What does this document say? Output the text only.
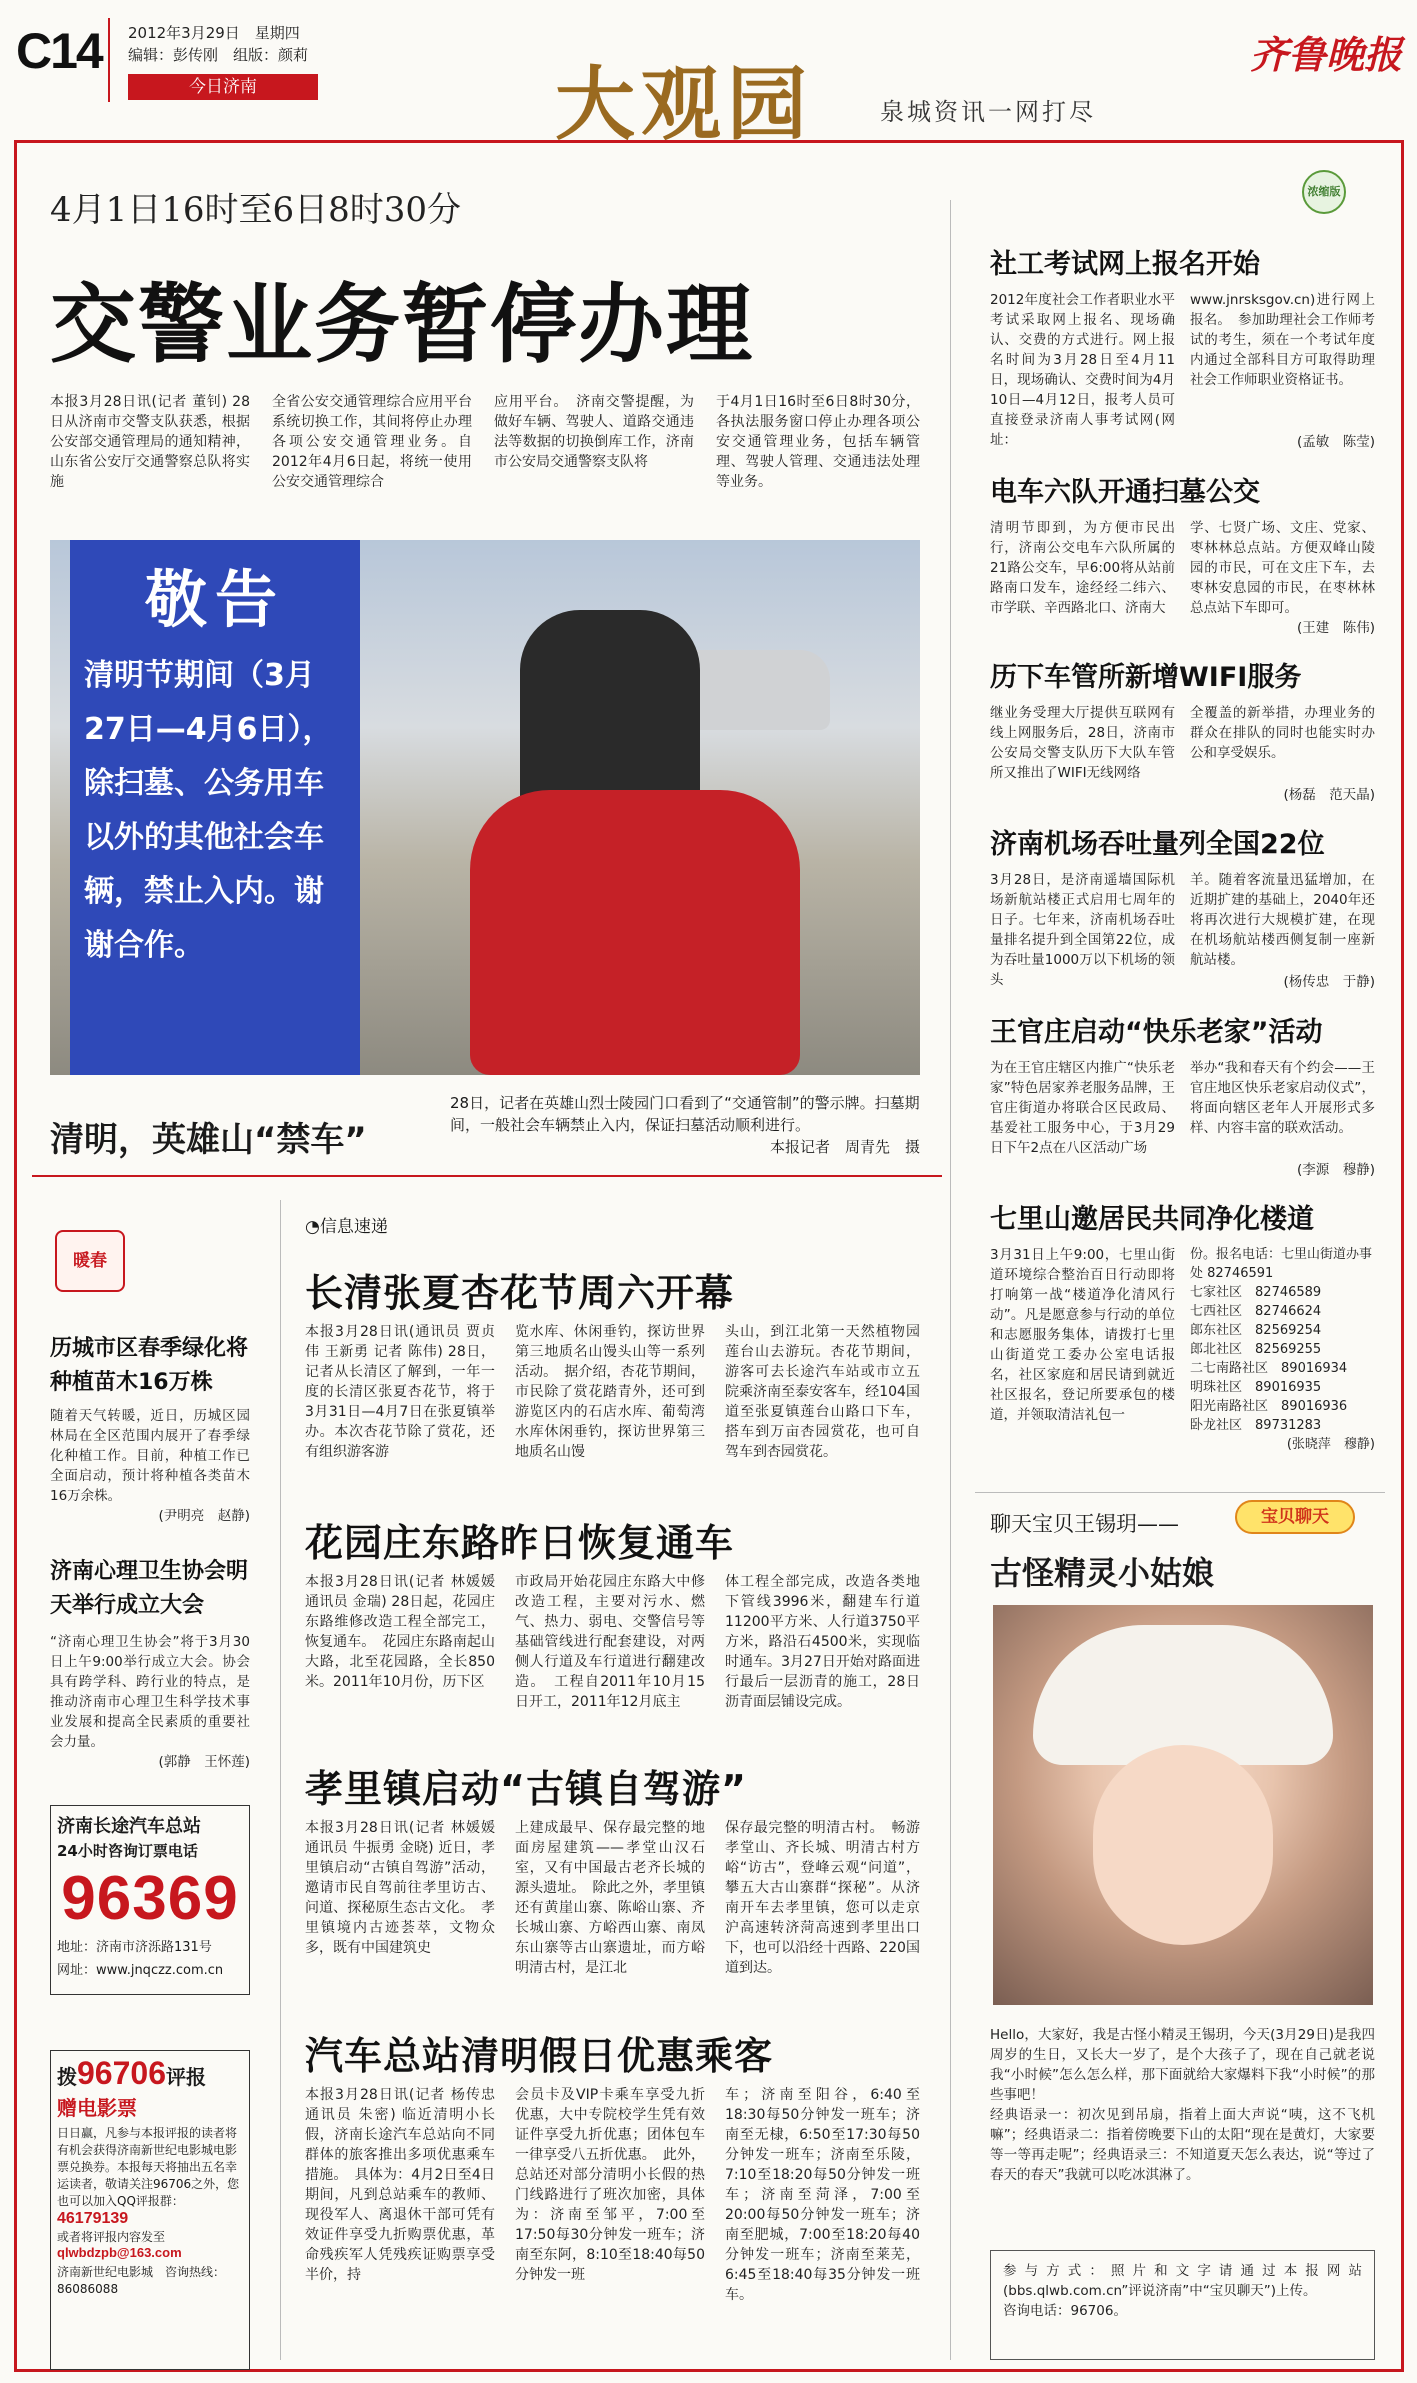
C14 2012年3月29日　星期四
编辑：彭传刚　组版：颜莉
今日济南	大观园	泉城资讯一网打尽
齐鲁晚报
4月1日16时至6日8时30分
交警业务暂停办理
本报3月28日讯(记者 董钊) 28日从济南市交警支队获悉，根据公安部交通管理局的通知精神，山东省公安厅交通警察总队将实施
全省公安交通管理综合应用平台系统切换工作，其间将停止办理各项公安交通管理业务。自2012年4月6日起，将统一使用公安交通管理综合
应用平台。　济南交警提醒，为做好车辆、驾驶人、道路交通违法等数据的切换倒库工作，济南市公安局交通警察支队将
于4月1日16时至6日8时30分，各执法服务窗口停止办理各项公安交通管理业务，包括车辆管理、驾驶人管理、交通违法处理等业务。
敬告
清明节期间（3月27日—4月6日），除扫墓、公务用车以外的其他社会车辆，禁止入内。谢谢合作。
清明，英雄山“禁车”
28日，记者在英雄山烈士陵园门口看到了“交通管制”的警示牌。扫墓期间，一般社会车辆禁止入内，保证扫墓活动顺利进行。
本报记者　周青先　摄
暖春
历城市区春季绿化将种植苗木16万株
随着天气转暖，近日，历城区园林局在全区范围内展开了春季绿化种植工作。目前，种植工作已全面启动，预计将种植各类苗木16万余株。
(尹明亮　赵静)
济南心理卫生协会明天举行成立大会
“济南心理卫生协会”将于3月30日上午9:00举行成立大会。协会具有跨学科、跨行业的特点，是推动济南市心理卫生科学技术事业发展和提高全民素质的重要社会力量。
(郭静　王怀莲)
济南长途汽车总站
24小时咨询订票电话
96369
地址：济南市济泺路131号
网址：www.jnqczz.com.cn
拨96706评报
赠电影票
日日赢，凡参与本报评报的读者将有机会获得济南新世纪电影城电影票兑换券。本报每天将抽出五名幸运读者，敬请关注96706之外，您也可以加入QQ评报群：
46179139
或者将评报内容发至
qlwbdzpb@163.com
济南新世纪电影城　咨询热线：86086088
◔信息速递
长清张夏杏花节周六开幕
本报3月28日讯(通讯员 贾贞伟 王新勇 记者 陈伟) 28日，记者从长清区了解到，一年一度的长清区张夏杏花节，将于3月31日—4月7日在张夏镇举办。本次杏花节除了赏花，还有组织游客游
览水库、休闲垂钓，探访世界第三地质名山馒头山等一系列活动。　据介绍，杏花节期间，市民除了赏花踏青外，还可到游览区内的石店水库、葡萄湾水库休闲垂钓，探访世界第三地质名山馒
头山，到江北第一天然植物园莲台山去游玩。杏花节期间，游客可去长途汽车站或市立五院乘济南至泰安客车，经104国道至张夏镇莲台山路口下车，搭车到万亩杏园赏花，也可自驾车到杏园赏花。
花园庄东路昨日恢复通车
本报3月28日讯(记者 林媛媛 通讯员 金瑞) 28日起，花园庄东路维修改造工程全部完工，恢复通车。　花园庄东路南起山大路，北至花园路，全长850米。2011年10月份，历下区
市政局开始花园庄东路大中修改造工程，主要对污水、燃气、热力、弱电、交警信号等基础管线进行配套建设，对两侧人行道及车行道进行翻建改造。　工程自2011年10月15日开工，2011年12月底主
体工程全部完成，改造各类地下管线3996米，翻建车行道11200平方米、人行道3750平方米，路沿石4500米，实现临时通车。3月27日开始对路面进行最后一层沥青的施工，28日沥青面层铺设完成。
孝里镇启动“古镇自驾游”
本报3月28日讯(记者 林媛媛 通讯员 牛振勇 金晓) 近日，孝里镇启动“古镇自驾游”活动，邀请市民自驾前往孝里访古、问道、探秘原生态古文化。　孝里镇境内古迹荟萃，文物众多，既有中国建筑史
上建成最早、保存最完整的地面房屋建筑——孝堂山汉石室，又有中国最古老齐长城的源头遗址。　除此之外，孝里镇还有黄崖山寨、陈峪山寨、齐长城山寨、方峪西山寨、南凤东山寨等古山寨遗址，而方峪明清古村，是江北
保存最完整的明清古村。　畅游孝堂山、齐长城、明清古村方峪“访古”，登峰云观“问道”，攀五大古山寨群“探秘”。从济南开车去孝里镇，您可以走京沪高速转济菏高速到孝里出口下，也可以沿经十西路、220国道到达。
汽车总站清明假日优惠乘客
本报3月28日讯(记者 杨传忠 通讯员 朱密) 临近清明小长假，济南长途汽车总站向不同群体的旅客推出多项优惠乘车措施。　具体为：4月2日至4日期间，凡到总站乘车的教师、现役军人、离退休干部可凭有效证件享受九折购票优惠，革命残疾军人凭残疾证购票享受半价，持
会员卡及VIP卡乘车享受九折优惠，大中专院校学生凭有效证件享受九折优惠；团体包车一律享受八五折优惠。　此外，总站还对部分清明小长假的热门线路进行了班次加密，具体为：济南至邹平，7:00至17:50每30分钟发一班车；济南至东阿，8:10至18:40每50分钟发一班
车；济南至阳谷，6:40至18:30每50分钟发一班车；济南至无棣，6:50至17:30每50分钟发一班车；济南至乐陵，7:10至18:20每50分钟发一班车；济南至菏泽，7:00至20:00每50分钟发一班车；济南至肥城，7:00至18:20每40分钟发一班车；济南至莱芜，6:45至18:40每35分钟发一班车。
浓缩版
社工考试网上报名开始
2012年度社会工作者职业水平考试采取网上报名、现场确认、交费的方式进行。网上报名时间为3月28日至4月11日，现场确认、交费时间为4月10日—4月12日，报考人员可直接登录济南人事考试网(网址：
www.jnrsksgov.cn)进行网上报名。　参加助理社会工作师考试的考生，须在一个考试年度内通过全部科目方可取得助理社会工作师职业资格证书。
(孟敏　陈莹)
电车六队开通扫墓公交
清明节即到，为方便市民出行，济南公交电车六队所属的21路公交车，早6:00将从站前路南口发车，途经经二纬六、市学联、辛西路北口、济南大
学、七贤广场、文庄、党家、枣林林总点站。方便双峰山陵园的市民，可在文庄下车，去枣林安息园的市民，在枣林林总点站下车即可。
(王建　陈伟)
历下车管所新增WIFI服务
继业务受理大厅提供互联网有线上网服务后，28日，济南市公安局交警支队历下大队车管所又推出了WIFI无线网络
全覆盖的新举措，办理业务的群众在排队的同时也能实时办公和享受娱乐。
(杨磊　范天晶)
济南机场吞吐量列全国22位
3月28日，是济南遥墙国际机场新航站楼正式启用七周年的日子。七年来，济南机场吞吐量排名提升到全国第22位，成为吞吐量1000万以下机场的领头
羊。随着客流量迅猛增加，在近期扩建的基础上，2040年还将再次进行大规模扩建，在现在机场航站楼西侧复制一座新航站楼。
(杨传忠　于静)
王官庄启动“快乐老家”活动
为在王官庄辖区内推广“快乐老家”特色居家养老服务品牌，王官庄街道办将联合区民政局、基爱社工服务中心，于3月29日下午2点在八区活动广场
举办“我和春天有个约会——王官庄地区快乐老家启动仪式”，将面向辖区老年人开展形式多样、内容丰富的联欢活动。
(李源　穆静)
七里山邀居民共同净化楼道
3月31日上午9:00，七里山街道环境综合整治百日行动即将打响第一战“楼道净化清风行动”。凡是愿意参与行动的单位和志愿服务集体，请拨打七里山街道党工委办公室电话报名，社区家庭和居民请到就近社区报名，登记所要承包的楼道，并领取清洁礼包一
份。报名电话：七里山街道办事处 82746591
七家社区　 82746589
七西社区　 82746624
郎东社区　 82569254
郎北社区　 82569255
二七南路社区　 89016934
明珠社区　 89016935
阳光南路社区　 89016936
卧龙社区　 89731283
(张晓萍　穆静)
聊天宝贝王锡玥——	宝贝聊天
古怪精灵小姑娘
Hello，大家好，我是古怪小精灵王锡玥，今天(3月29日)是我四周岁的生日，又长大一岁了，是个大孩子了，现在自己就老说我“小时候”怎么怎么样，那下面就给大家爆料下我“小时候”的那些事吧！
经典语录一：初次见到吊扇，指着上面大声说“咦，这不飞机嘛”；经典语录二：指着傍晚要下山的太阳“现在是黄灯，大家要等一等再走呢”；经典语录三：不知道夏天怎么表达，说“等过了春天的春天”我就可以吃冰淇淋了。
参与方式：照片和文字请通过本报网站(bbs.qlwb.com.cn”评说济南”中“宝贝聊天”)上传。
咨询电话：96706。
